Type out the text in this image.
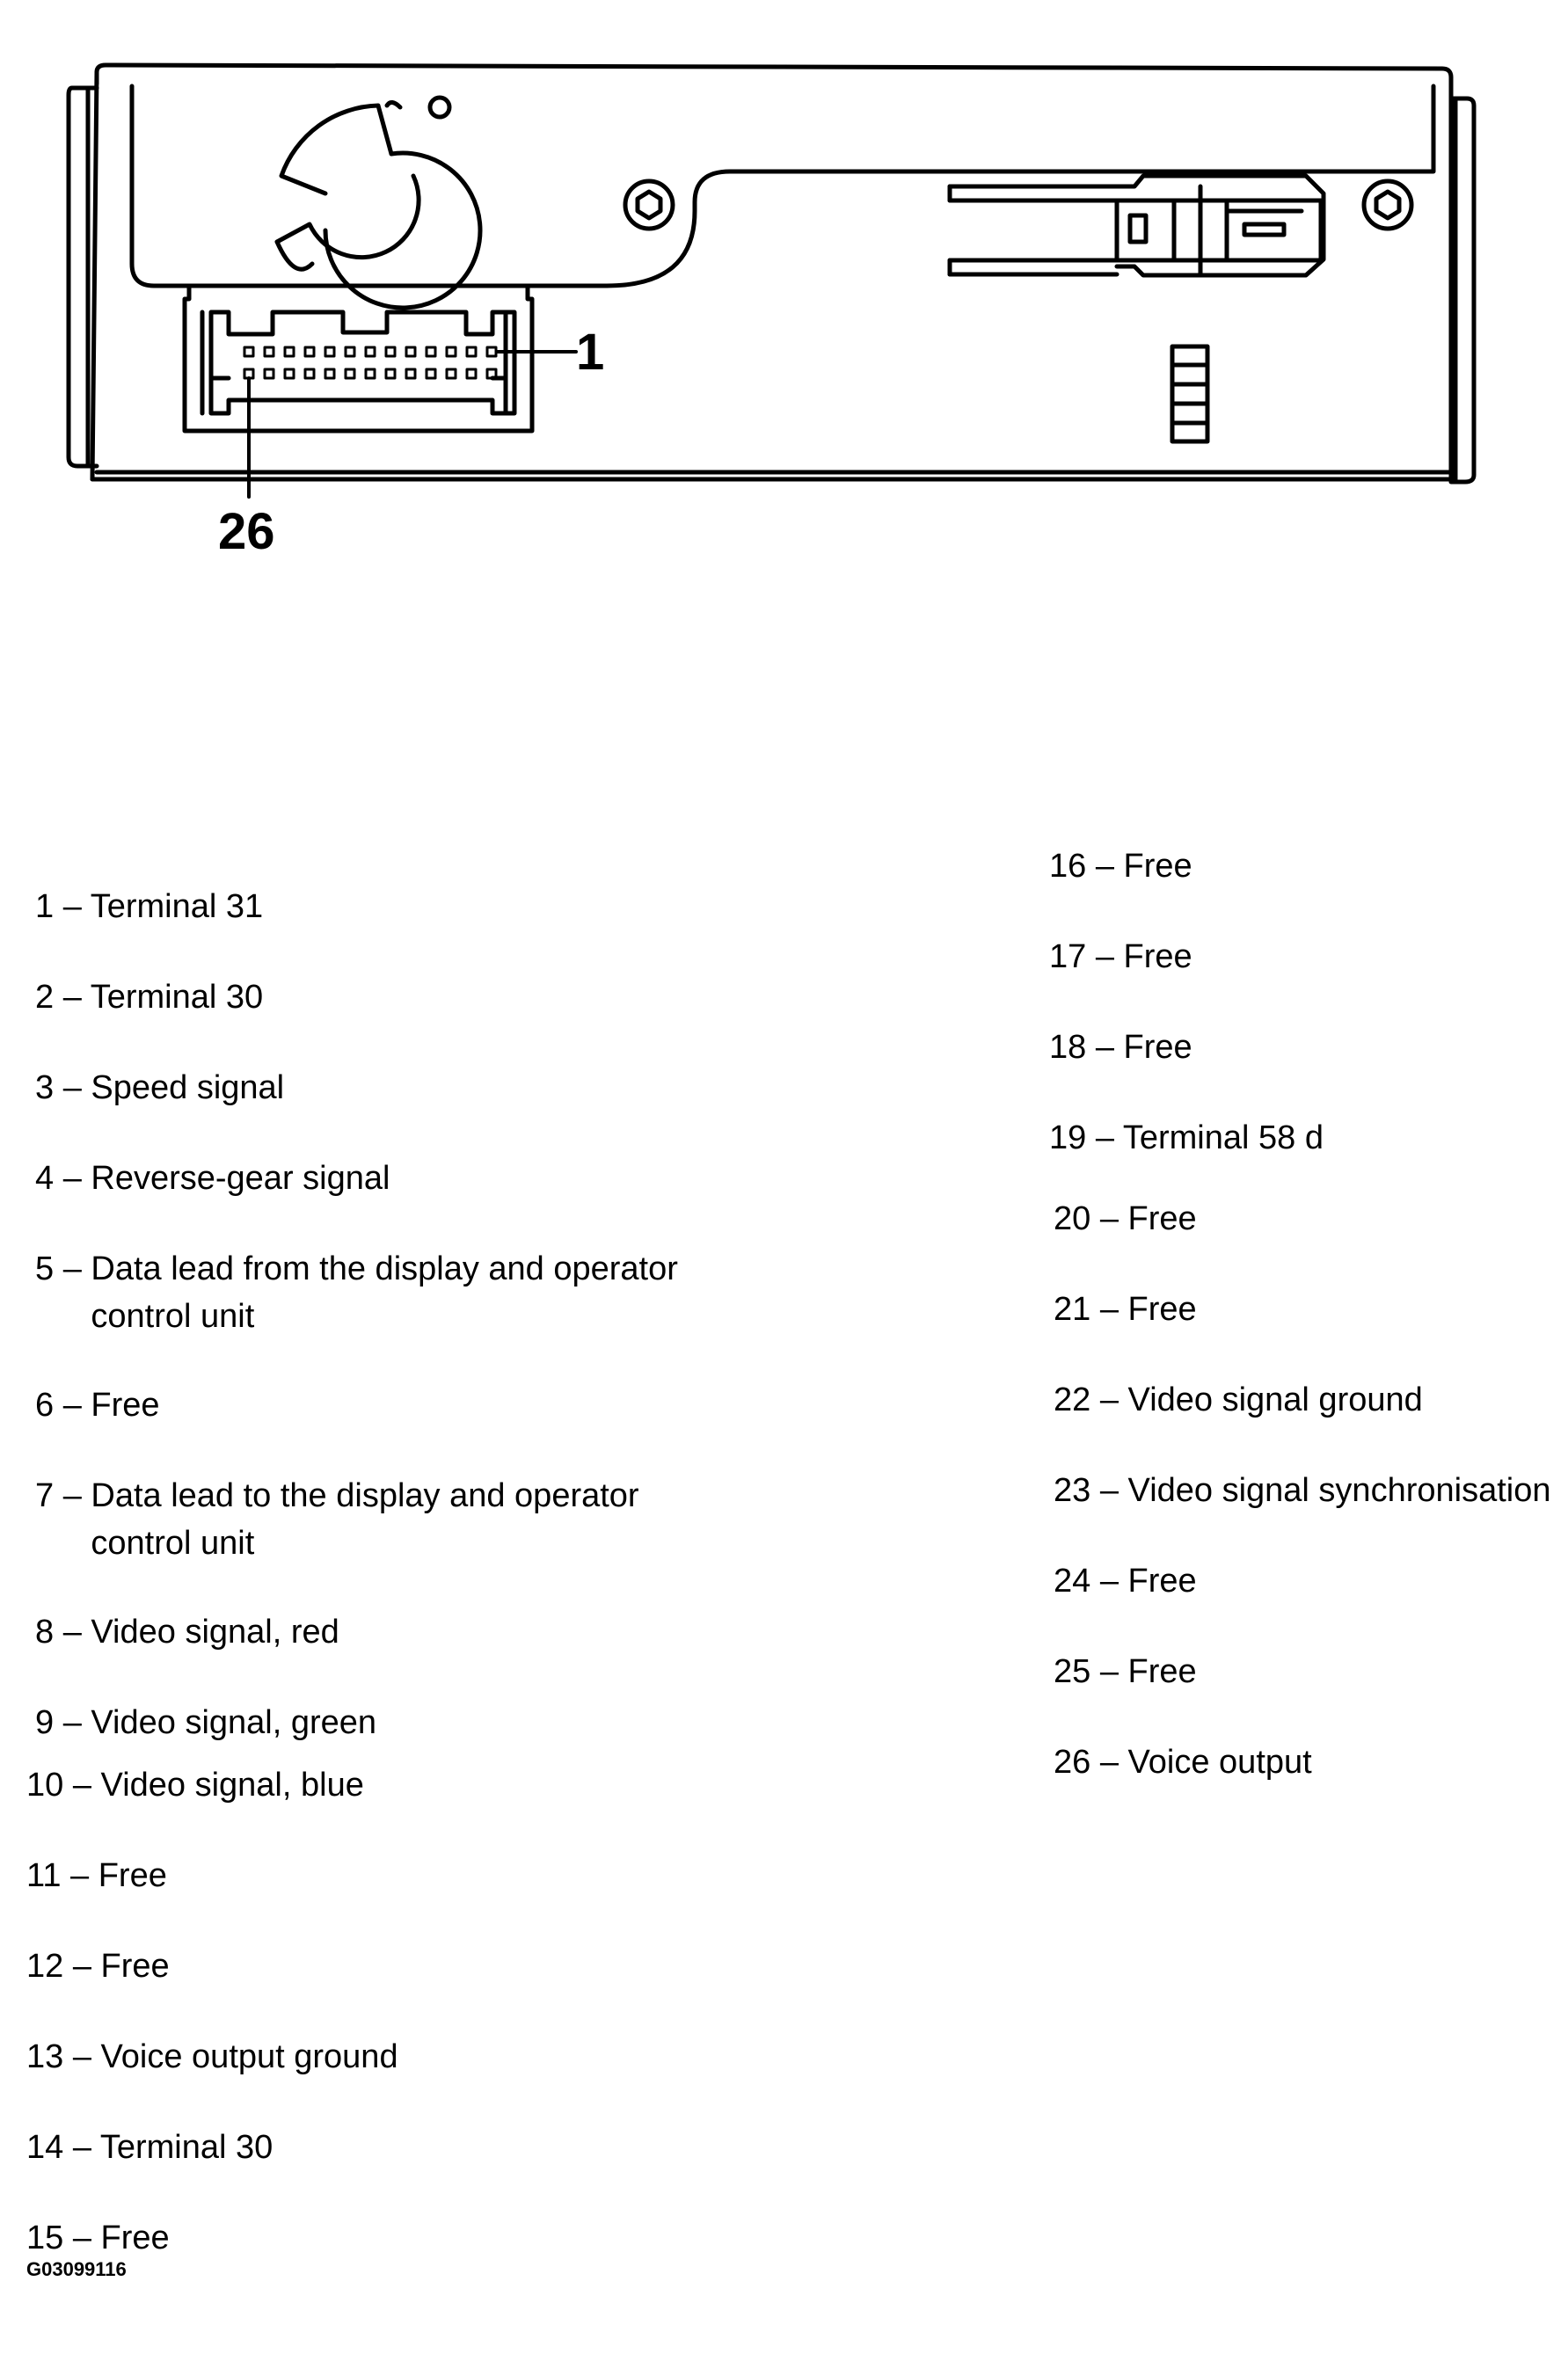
1
26
1 – Terminal 31
2 – Terminal 30
3 – Speed signal
4 – Reverse-gear signal
5 – Data lead from the display and operator
control unit
6 – Free
7 – Data lead to the display and operator
control unit
8 – Video signal, red
9 – Video signal, green
10 – Video signal, blue
11 – Free
12 – Free
13 – Voice output ground
14 – Terminal 30
15 – Free
16 – Free
17 – Free
18 – Free
19 – Terminal 58 d
20 – Free
21 – Free
22 – Video signal ground
23 – Video signal synchronisation
24 – Free
25 – Free
26 – Voice output
G03099116
